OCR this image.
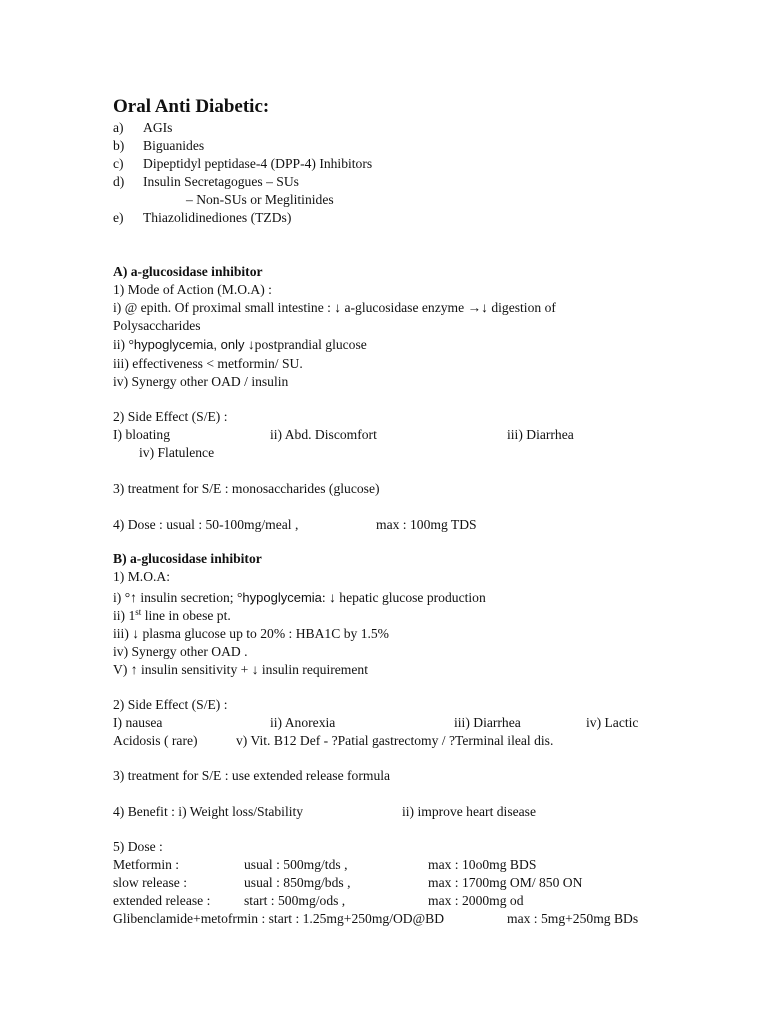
Oral Anti Diabetic:
a) AGIs
b) Biguanides
c) Dipeptidyl peptidase-4 (DPP-4) Inhibitors
d) Insulin Secretagogues – SUs
– Non-SUs or Meglitinides
e) Thiazolidinediones (TZDs)
A) a-glucosidase inhibitor
1) Mode of Action (M.O.A) :
i) @ epith. Of proximal small intestine : ↓ a-glucosidase enzyme →↓ digestion of
Polysaccharides
ii) °hypoglycemia, only ↓postprandial glucose
iii) effectiveness < metformin/ SU.
iv) Synergy other OAD / insulin
2) Side Effect (S/E) :
I) bloating	ii) Abd. Discomfort	iii) Diarrhea
iv) Flatulence
3) treatment for S/E : monosaccharides (glucose)
4) Dose : usual : 50-100mg/meal ,	max : 100mg TDS
B) a-glucosidase inhibitor
1) M.O.A:
i) °↑ insulin secretion; °hypoglycemia: ↓ hepatic glucose production
ii) 1st line in obese pt.
iii) ↓ plasma glucose up to 20% : HBA1C by 1.5%
iv) Synergy other OAD .
V) ↑ insulin sensitivity + ↓ insulin requirement
2) Side Effect (S/E) :
I) nausea	ii) Anorexia	iii) Diarrhea	iv) Lactic
Acidosis ( rare)	v) Vit. B12 Def - ?Patial gastrectomy / ?Terminal ileal dis.
3) treatment for S/E : use extended release formula
4) Benefit : i) Weight loss/Stability	ii) improve heart disease
5) Dose :
Metformin :	usual : 500mg/tds ,	max : 10o0mg BDS
slow release :	usual : 850mg/bds ,	max : 1700mg OM/ 850 ON
extended release : start : 500mg/ods ,	max : 2000mg od
Glibenclamide+metofrmin : start : 1.25mg+250mg/OD@BD	max : 5mg+250mg BDs
